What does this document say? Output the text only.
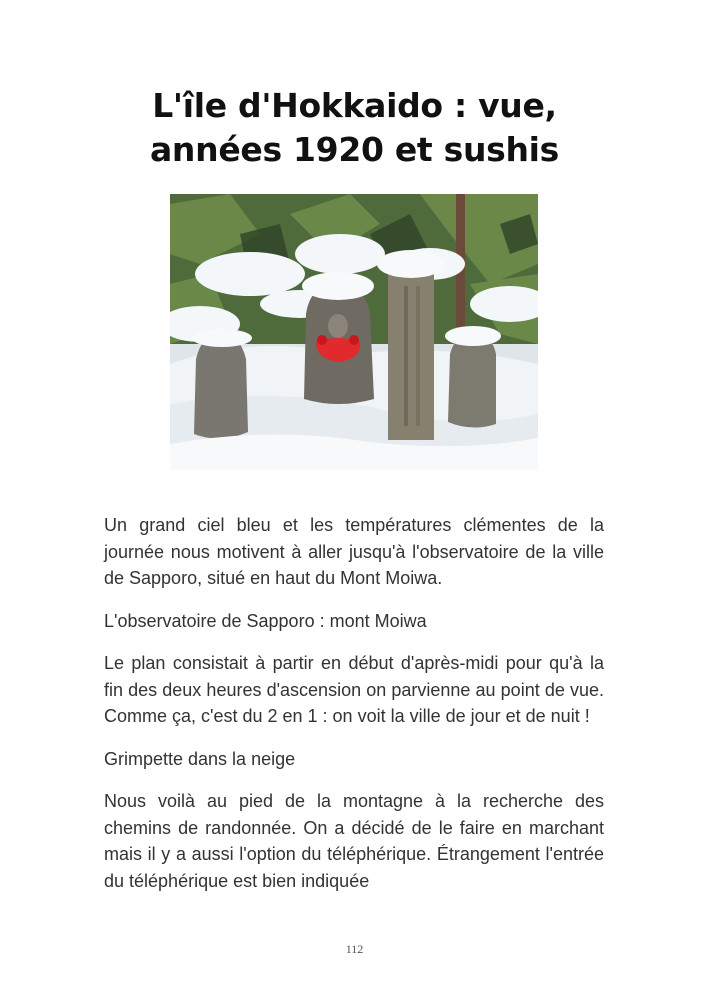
L'île d'Hokkaido : vue, années 1920 et sushis

Un grand ciel bleu et les températures clémentes de la journée nous motivent à aller jusqu'à l'observatoire de la ville de Sapporo, situé en haut du Mont Moiwa.

L'observatoire de Sapporo : mont Moiwa

Le plan consistait à partir en début d'après-midi pour qu'à la fin des deux heures d'ascension on parvienne au point de vue. Comme ça, c'est du 2 en 1 : on voit la ville de jour et de nuit !

Grimpette dans la neige

Nous voilà au pied de la montagne à la recherche des chemins de randonnée. On a décidé de le faire en marchant mais il y a aussi l'option du téléphérique. Étrangement l'entrée du téléphérique est bien indiquée

112
